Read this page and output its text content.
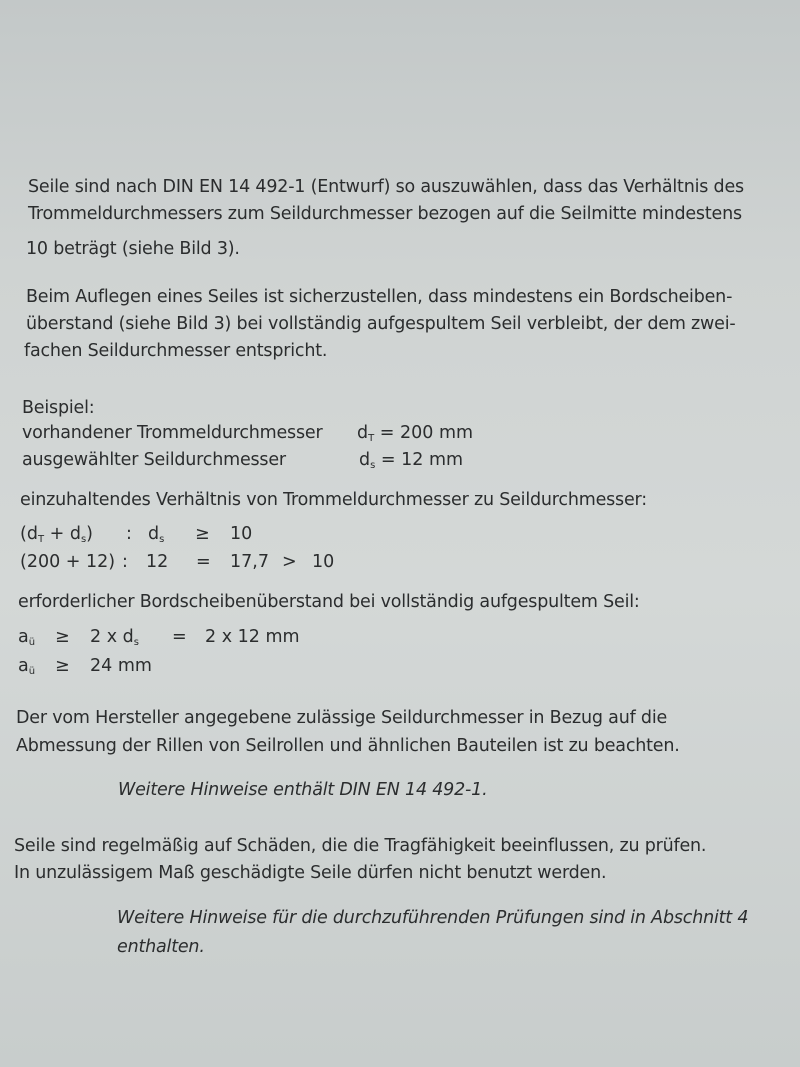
Seile sind nach DIN EN 14 492-1 (Entwurf) so auszuwählen, dass das Verhältnis des
Trommeldurchmessers zum Seildurchmesser bezogen auf die Seilmitte mindestens
10 beträgt (siehe Bild 3).
Beim Auflegen eines Seiles ist sicherzustellen, dass mindestens ein Bordscheiben-
überstand (siehe Bild 3) bei vollständig aufgespultem Seil verbleibt, der dem zwei-
fachen Seildurchmesser entspricht.
Beispiel:
vorhandener Trommeldurchmesser $d_T = 200$ mm
ausgewählter Seildurchmesser	$d_s = 12$ mm
einzuhaltendes Verhältnis von Trommeldurchmesser zu Seildurchmesser:
$(d_T + d_s)$ : $d_s \ge 10$
(200 + 12) : 12 = 17,7 > 10
erforderlicher Bordscheibenüberstand bei vollständig aufgespultem Seil:
$a_ü \ge 2$ x $d_s = 2$ x 12 mm
$a_ü \ge 24$ mm
Der vom Hersteller angegebene zulässige Seildurchmesser in Bezug auf die
Abmessung der Rillen von Seilrollen und ähnlichen Bauteilen ist zu beachten.
Weitere Hinweise enthält DIN EN 14 492-1.
Seile sind regelmäßig auf Schäden, die die Tragfähigkeit beeinflussen, zu prüfen.
In unzulässigem Maß geschädigte Seile dürfen nicht benutzt werden.
Weitere Hinweise für die durchzuführenden Prüfungen sind in Abschnitt 4
enthalten.
